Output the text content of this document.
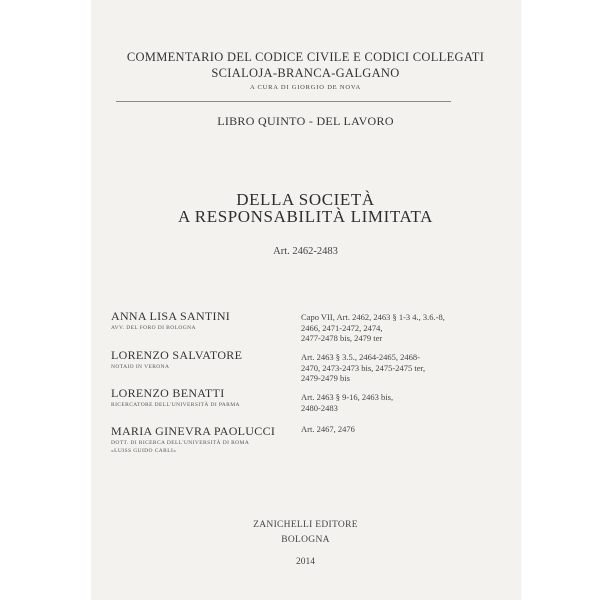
COMMENTARIO DEL CODICE CIVILE E CODICI COLLEGATI
SCIALOJA-BRANCA-GALGANO
A CURA DI GIORGIO DE NOVA
LIBRO QUINTO - DEL LAVORO
DELLA SOCIETÀ
A RESPONSABILITÀ LIMITATA
Art. 2462-2483
ANNA LISA SANTINI
AVV. DEL FORO DI BOLOGNA
Capo VII, Art. 2462, 2463 § 1-3 4., 3.6.-8,
2466, 2471-2472, 2474,
2477-2478 bis, 2479 ter
LORENZO SALVATORE
NOTAIO IN VERONA
Art. 2463 § 3.5., 2464-2465, 2468-
2470, 2473-2473 bis, 2475-2475 ter,
2479-2479 bis
LORENZO BENATTI
RICERCATORE DELL'UNIVERSITÀ DI PARMA
Art. 2463 § 9-16, 2463 bis,
2480-2483
MARIA GINEVRA PAOLUCCI
DOTT. DI RICERCA DELL'UNIVERSITÀ DI ROMA
«LUISS GUIDO CARLI»
Art. 2467, 2476
ZANICHELLI EDITORE
BOLOGNA
2014
